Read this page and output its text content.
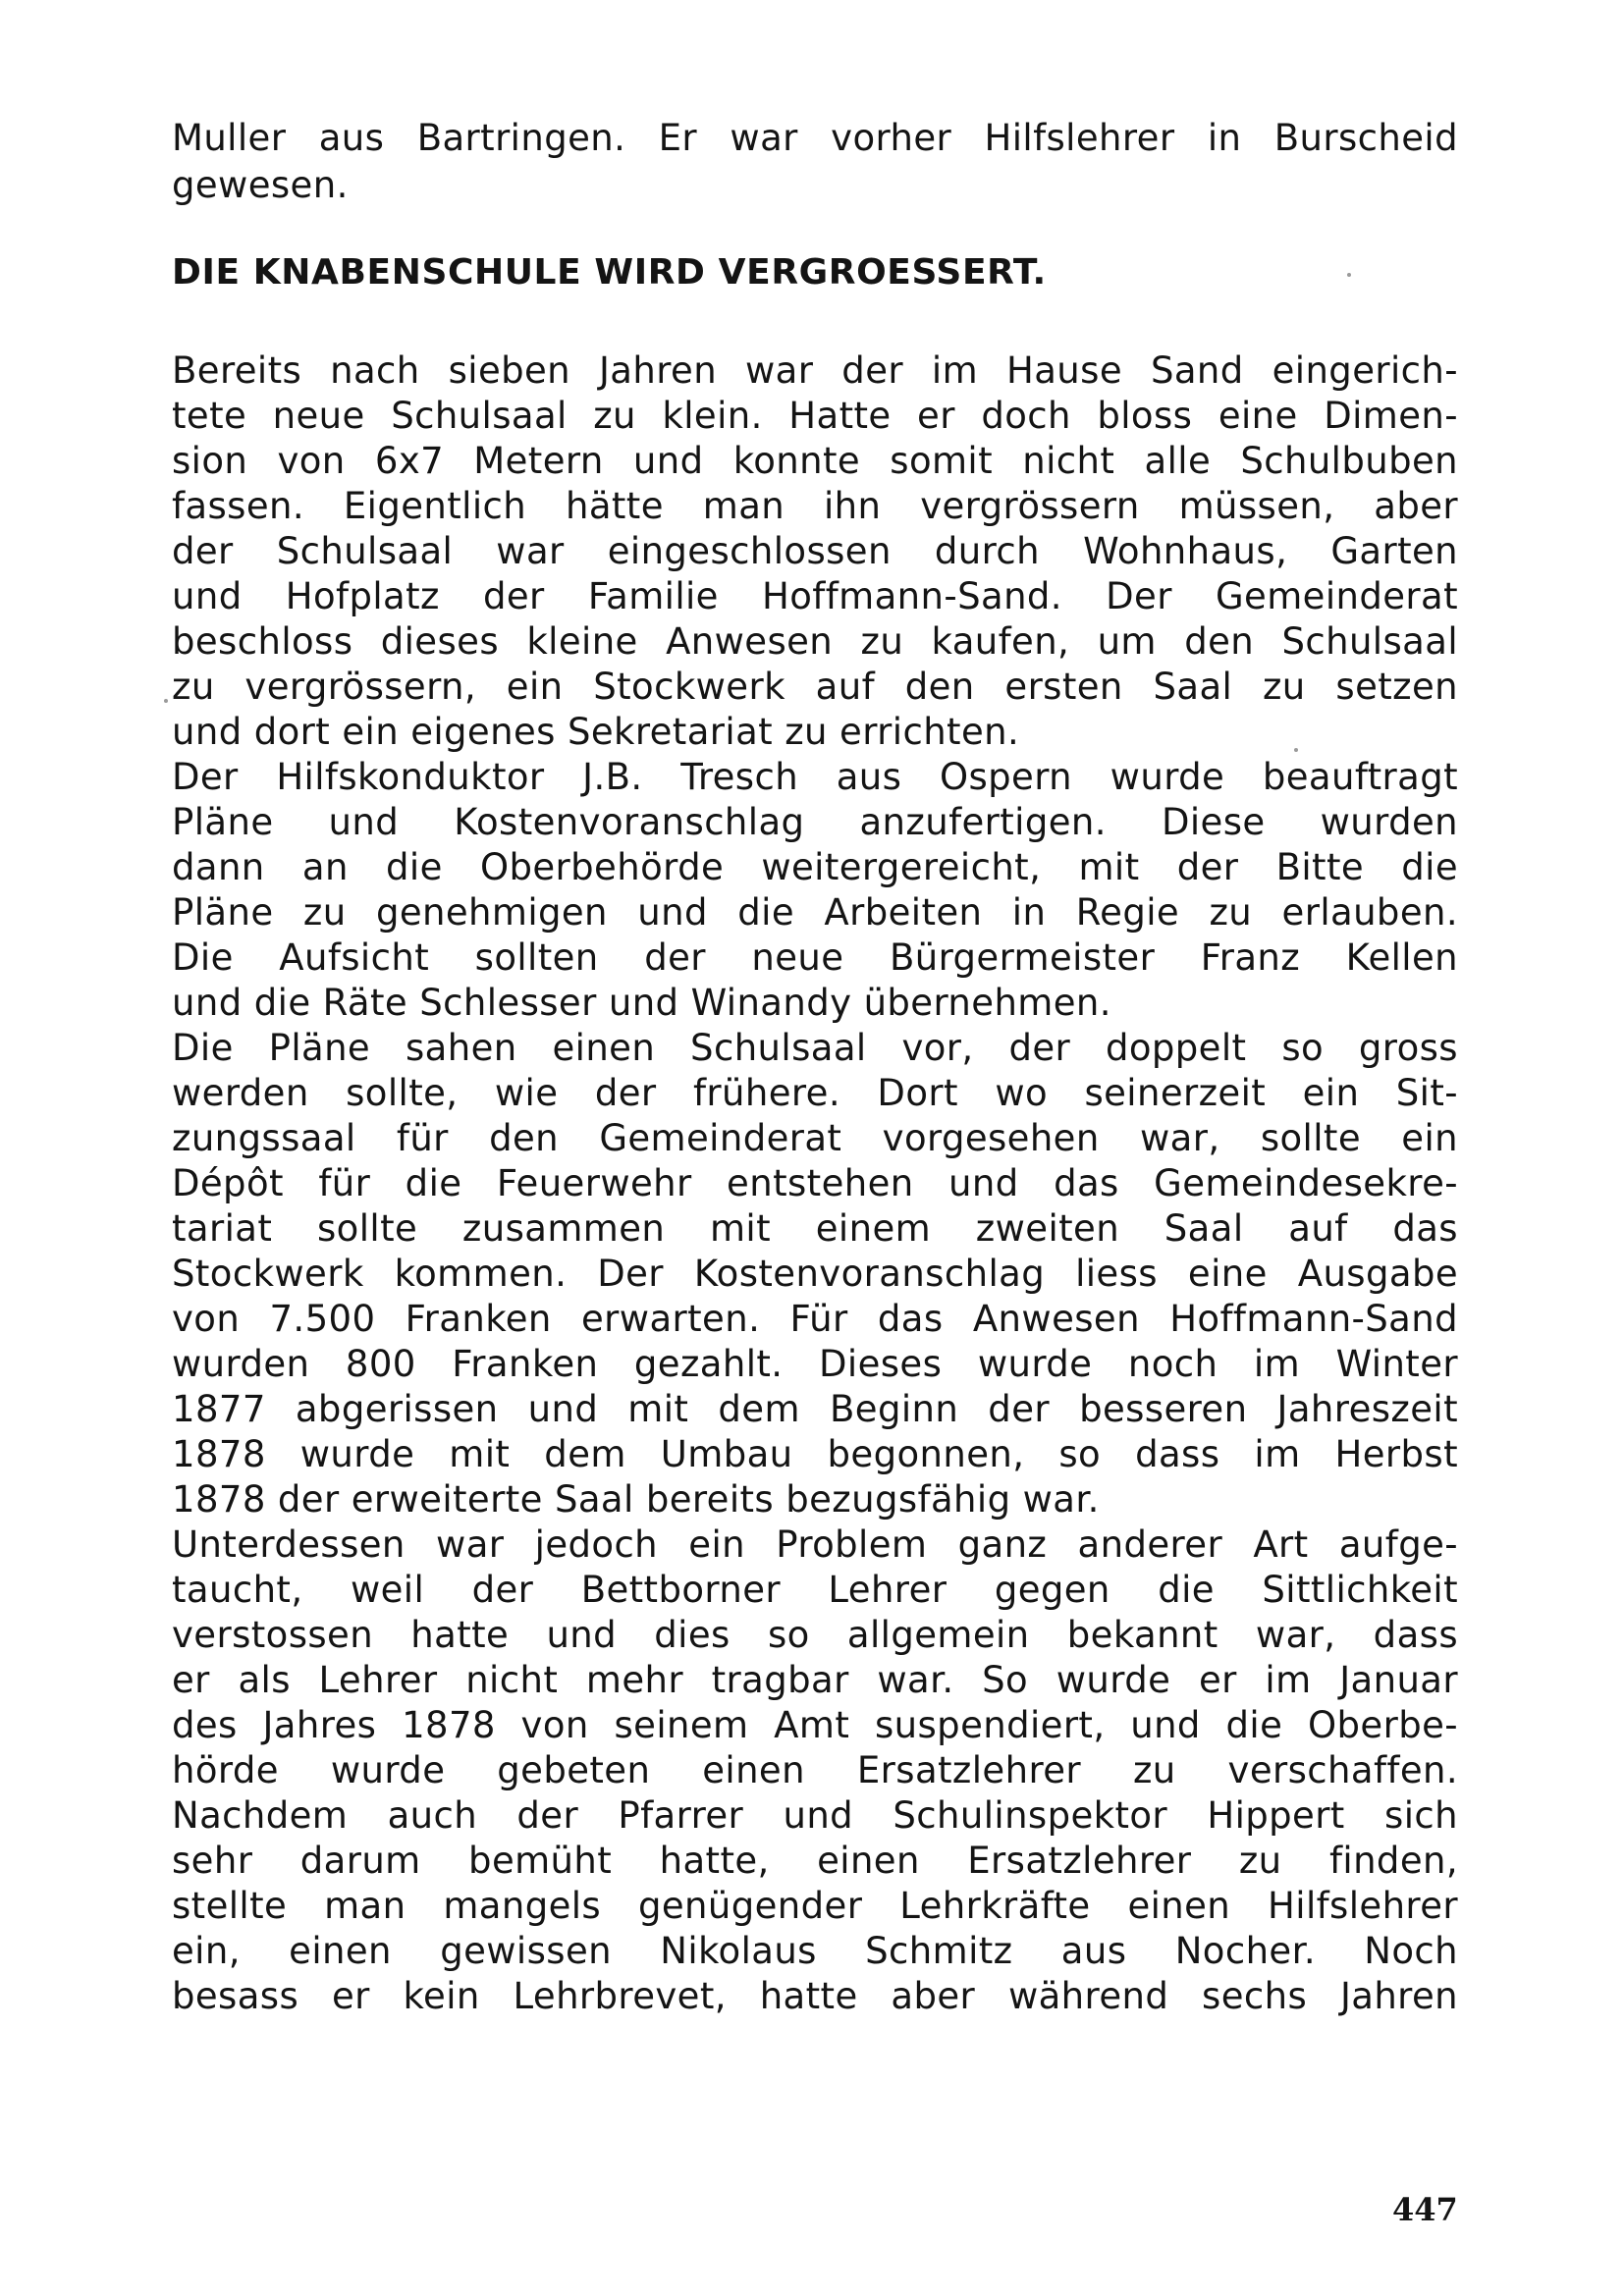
Muller aus Bartringen. Er war vorher Hilfslehrer in Burscheid
gewesen.
DIE KNABENSCHULE WIRD VERGROESSERT.
Bereits nach sieben Jahren war der im Hause Sand eingerich-
tete neue Schulsaal zu klein. Hatte er doch bloss eine Dimen-
sion von 6x7 Metern und konnte somit nicht alle Schulbuben
fassen. Eigentlich hätte man ihn vergrössern müssen, aber
der Schulsaal war eingeschlossen durch Wohnhaus, Garten
und Hofplatz der Familie Hoffmann-Sand. Der Gemeinderat
beschloss dieses kleine Anwesen zu kaufen, um den Schulsaal
zu vergrössern, ein Stockwerk auf den ersten Saal zu setzen
und dort ein eigenes Sekretariat zu errichten.
Der Hilfskonduktor J.B. Tresch aus Ospern wurde beauftragt
Pläne und Kostenvoranschlag anzufertigen. Diese wurden
dann an die Oberbehörde weitergereicht, mit der Bitte die
Pläne zu genehmigen und die Arbeiten in Regie zu erlauben.
Die Aufsicht sollten der neue Bürgermeister Franz Kellen
und die Räte Schlesser und Winandy übernehmen.
Die Pläne sahen einen Schulsaal vor, der doppelt so gross
werden sollte, wie der frühere. Dort wo seinerzeit ein Sit-
zungssaal für den Gemeinderat vorgesehen war, sollte ein
Dépôt für die Feuerwehr entstehen und das Gemeindesekre-
tariat sollte zusammen mit einem zweiten Saal auf das
Stockwerk kommen. Der Kostenvoranschlag liess eine Ausgabe
von 7.500 Franken erwarten. Für das Anwesen Hoffmann-Sand
wurden 800 Franken gezahlt. Dieses wurde noch im Winter
1877 abgerissen und mit dem Beginn der besseren Jahreszeit
1878 wurde mit dem Umbau begonnen, so dass im Herbst
1878 der erweiterte Saal bereits bezugsfähig war.
Unterdessen war jedoch ein Problem ganz anderer Art aufge-
taucht, weil der Bettborner Lehrer gegen die Sittlichkeit
verstossen hatte und dies so allgemein bekannt war, dass
er als Lehrer nicht mehr tragbar war. So wurde er im Januar
des Jahres 1878 von seinem Amt suspendiert, und die Oberbe-
hörde wurde gebeten einen Ersatzlehrer zu verschaffen.
Nachdem auch der Pfarrer und Schulinspektor Hippert sich
sehr darum bemüht hatte, einen Ersatzlehrer zu finden,
stellte man mangels genügender Lehrkräfte einen Hilfslehrer
ein, einen gewissen Nikolaus Schmitz aus Nocher. Noch
besass er kein Lehrbrevet, hatte aber während sechs Jahren
447
